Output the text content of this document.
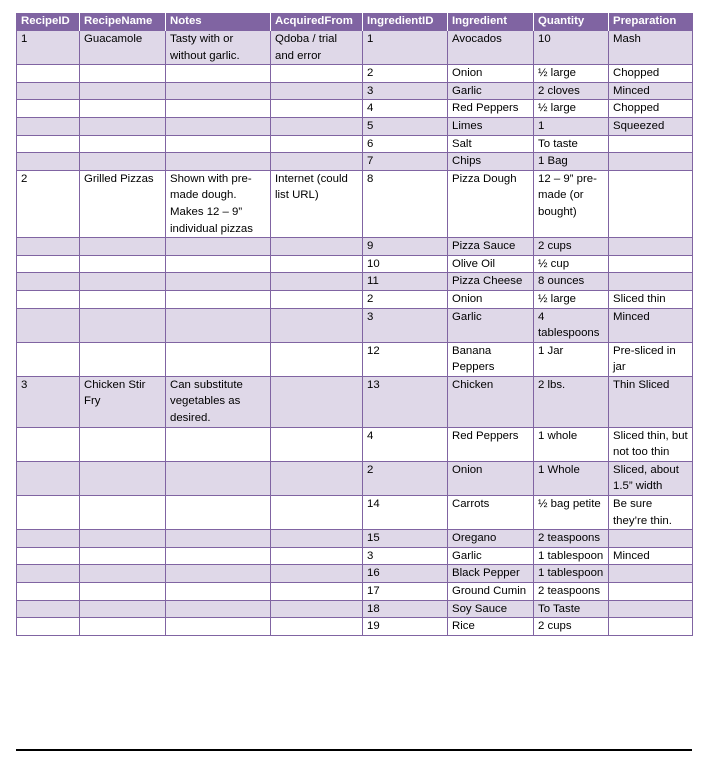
RecipeID	RecipeName	Notes	AcquiredFrom	IngredientID	Ingredient	Quantity	Preparation
1	Guacamole	Tasty with or without garlic.	Qdoba / trial and error	1	Avocados	10	Mash
				2	Onion	½ large	Chopped
				3	Garlic	2 cloves	Minced
				4	Red Peppers	½ large	Chopped
				5	Limes	1	Squeezed
				6	Salt	To taste	
				7	Chips	1 Bag	
2	Grilled Pizzas	Shown with pre-made dough. Makes 12 – 9” individual pizzas	Internet (could list URL)	8	Pizza Dough	12 – 9” pre-made (or bought)	
				9	Pizza Sauce	2 cups	
				10	Olive Oil	½ cup	
				11	Pizza Cheese	8 ounces	
				2	Onion	½ large	Sliced thin
				3	Garlic	4 tablespoons	Minced
				12	Banana Peppers	1 Jar	Pre-sliced in jar
3	Chicken Stir Fry	Can substitute vegetables as desired.		13	Chicken	2 lbs.	Thin Sliced
				4	Red Peppers	1 whole	Sliced thin, but not too thin
				2	Onion	1 Whole	Sliced, about 1.5” width
				14	Carrots	½ bag petite	Be sure they’re thin.
				15	Oregano	2 teaspoons	
				3	Garlic	1 tablespoon	Minced
				16	Black Pepper	1 tablespoon	
				17	Ground Cumin	2 teaspoons	
				18	Soy Sauce	To Taste	
				19	Rice	2 cups	
